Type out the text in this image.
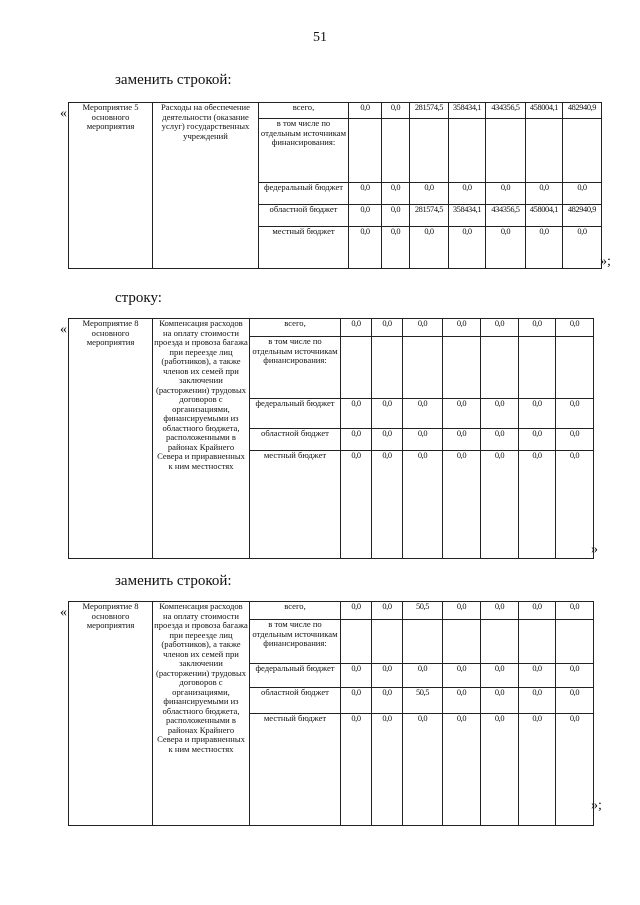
51
заменить строкой:
« Мероприятие 5 основного мероприятия	Расходы на обеспечение деятельности (оказание услуг) государственных учреждений	всего,	0,0	0,0	281574,5	358434,1	434356,5	458004,1	482940,9
		в том числе по отдельным источникам финансирования:							
		федеральный бюджет	0,0	0,0	0,0	0,0	0,0	0,0	0,0
		областной бюджет	0,0	0,0	281574,5	358434,1	434356,5	458004,1	482940,9
		местный бюджет	0,0	0,0	0,0	0,0	0,0	0,0	0,0
»;
строку:
« Мероприятие 8 основного мероприятия	Компенсация расходов на оплату стоимости проезда и провоза багажа при переезде лиц (работников), а также членов их семей при заключении (расторжении) трудовых договоров с организациями, финансируемыми из областного бюджета, расположенными в районах Крайнего Севера и приравненных к ним местностях	всего,	0,0	0,0	0,0	0,0	0,0	0,0	0,0
		в том числе по отдельным источникам финансирования:							
		федеральный бюджет	0,0	0,0	0,0	0,0	0,0	0,0	0,0
		областной бюджет	0,0	0,0	0,0	0,0	0,0	0,0	0,0
		местный бюджет	0,0	0,0	0,0	0,0	0,0	0,0	0,0
»
заменить строкой:
« Мероприятие 8 основного мероприятия	Компенсация расходов на оплату стоимости проезда и провоза багажа при переезде лиц (работников), а также членов их семей при заключении (расторжении) трудовых договоров с организациями, финансируемыми из областного бюджета, расположенными в районах Крайнего Севера и приравненных к ним местностях	всего,	0,0	0,0	50,5	0,0	0,0	0,0	0,0
		в том числе по отдельным источникам финансирования:							
		федеральный бюджет	0,0	0,0	0,0	0,0	0,0	0,0	0,0
		областной бюджет	0,0	0,0	50,5	0,0	0,0	0,0	0,0
		местный бюджет	0,0	0,0	0,0	0,0	0,0	0,0	0,0
»;
